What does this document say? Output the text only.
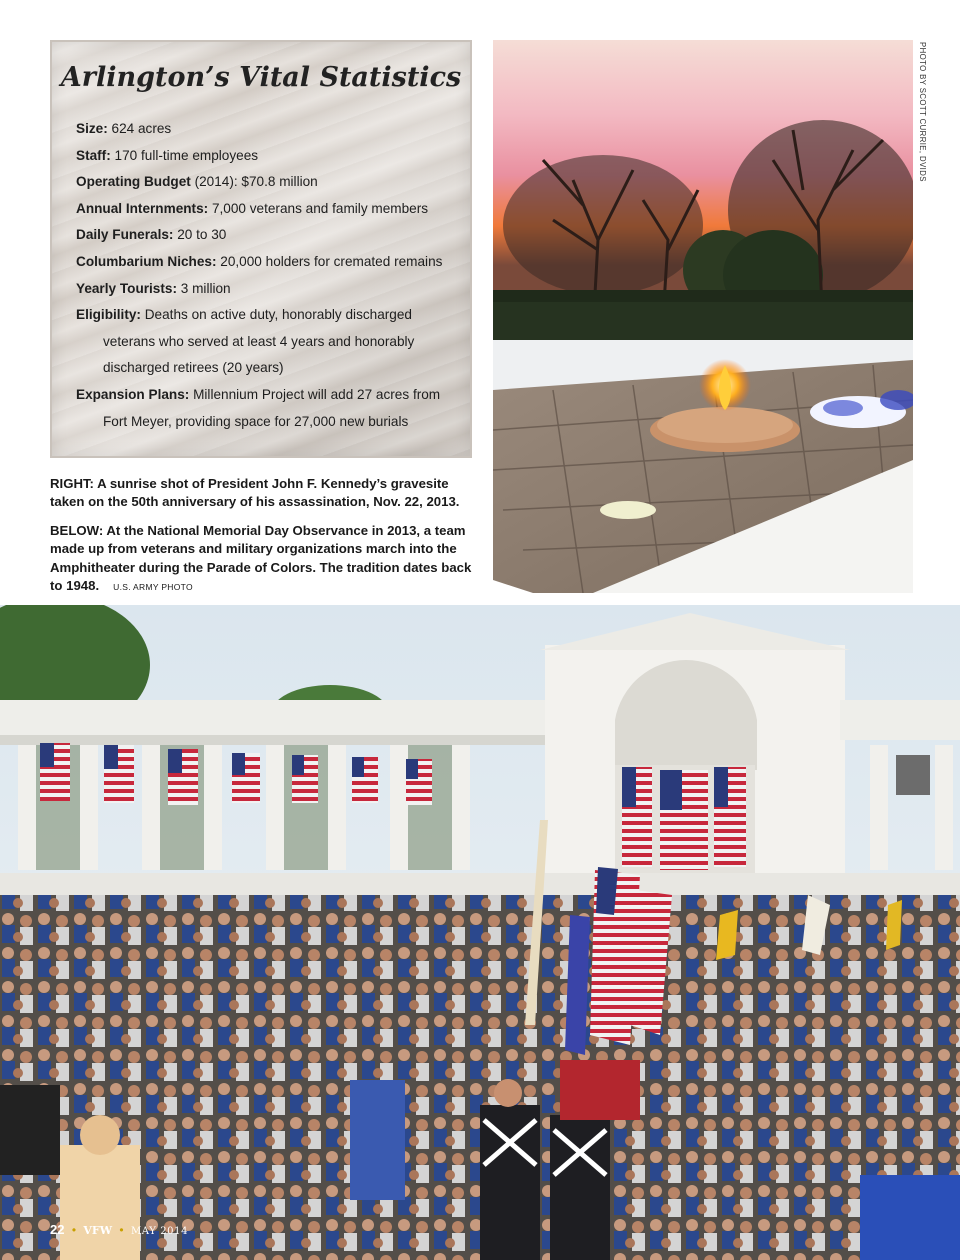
Arlington’s Vital Statistics
Size: 624 acres
Staff: 170 full-time employees
Operating Budget (2014): $70.8 million
Annual Internments: 7,000 veterans and family members
Daily Funerals: 20 to 30
Columbarium Niches: 20,000 holders for cremated remains
Yearly Tourists: 3 million
Eligibility: Deaths on active duty, honorably discharged
veterans who served at least 4 years and honorably
discharged retirees (20 years)
Expansion Plans: Millennium Project will add 27 acres from
Fort Meyer, providing space for 27,000 new burials
RIGHT: A sunrise shot of President John F. Kennedy’s gravesite taken on the 50th anniversary of his assassination, Nov. 22, 2013.
BELOW: At the National Memorial Day Observance in 2013, a team made up from veterans and military organizations march into the Amphitheater during the Parade of Colors. The tradition dates back to 1948. U.S. ARMY PHOTO
PHOTO BY SCOTT CURRIE, DVIDS
22 • VFW • MAY 2014
